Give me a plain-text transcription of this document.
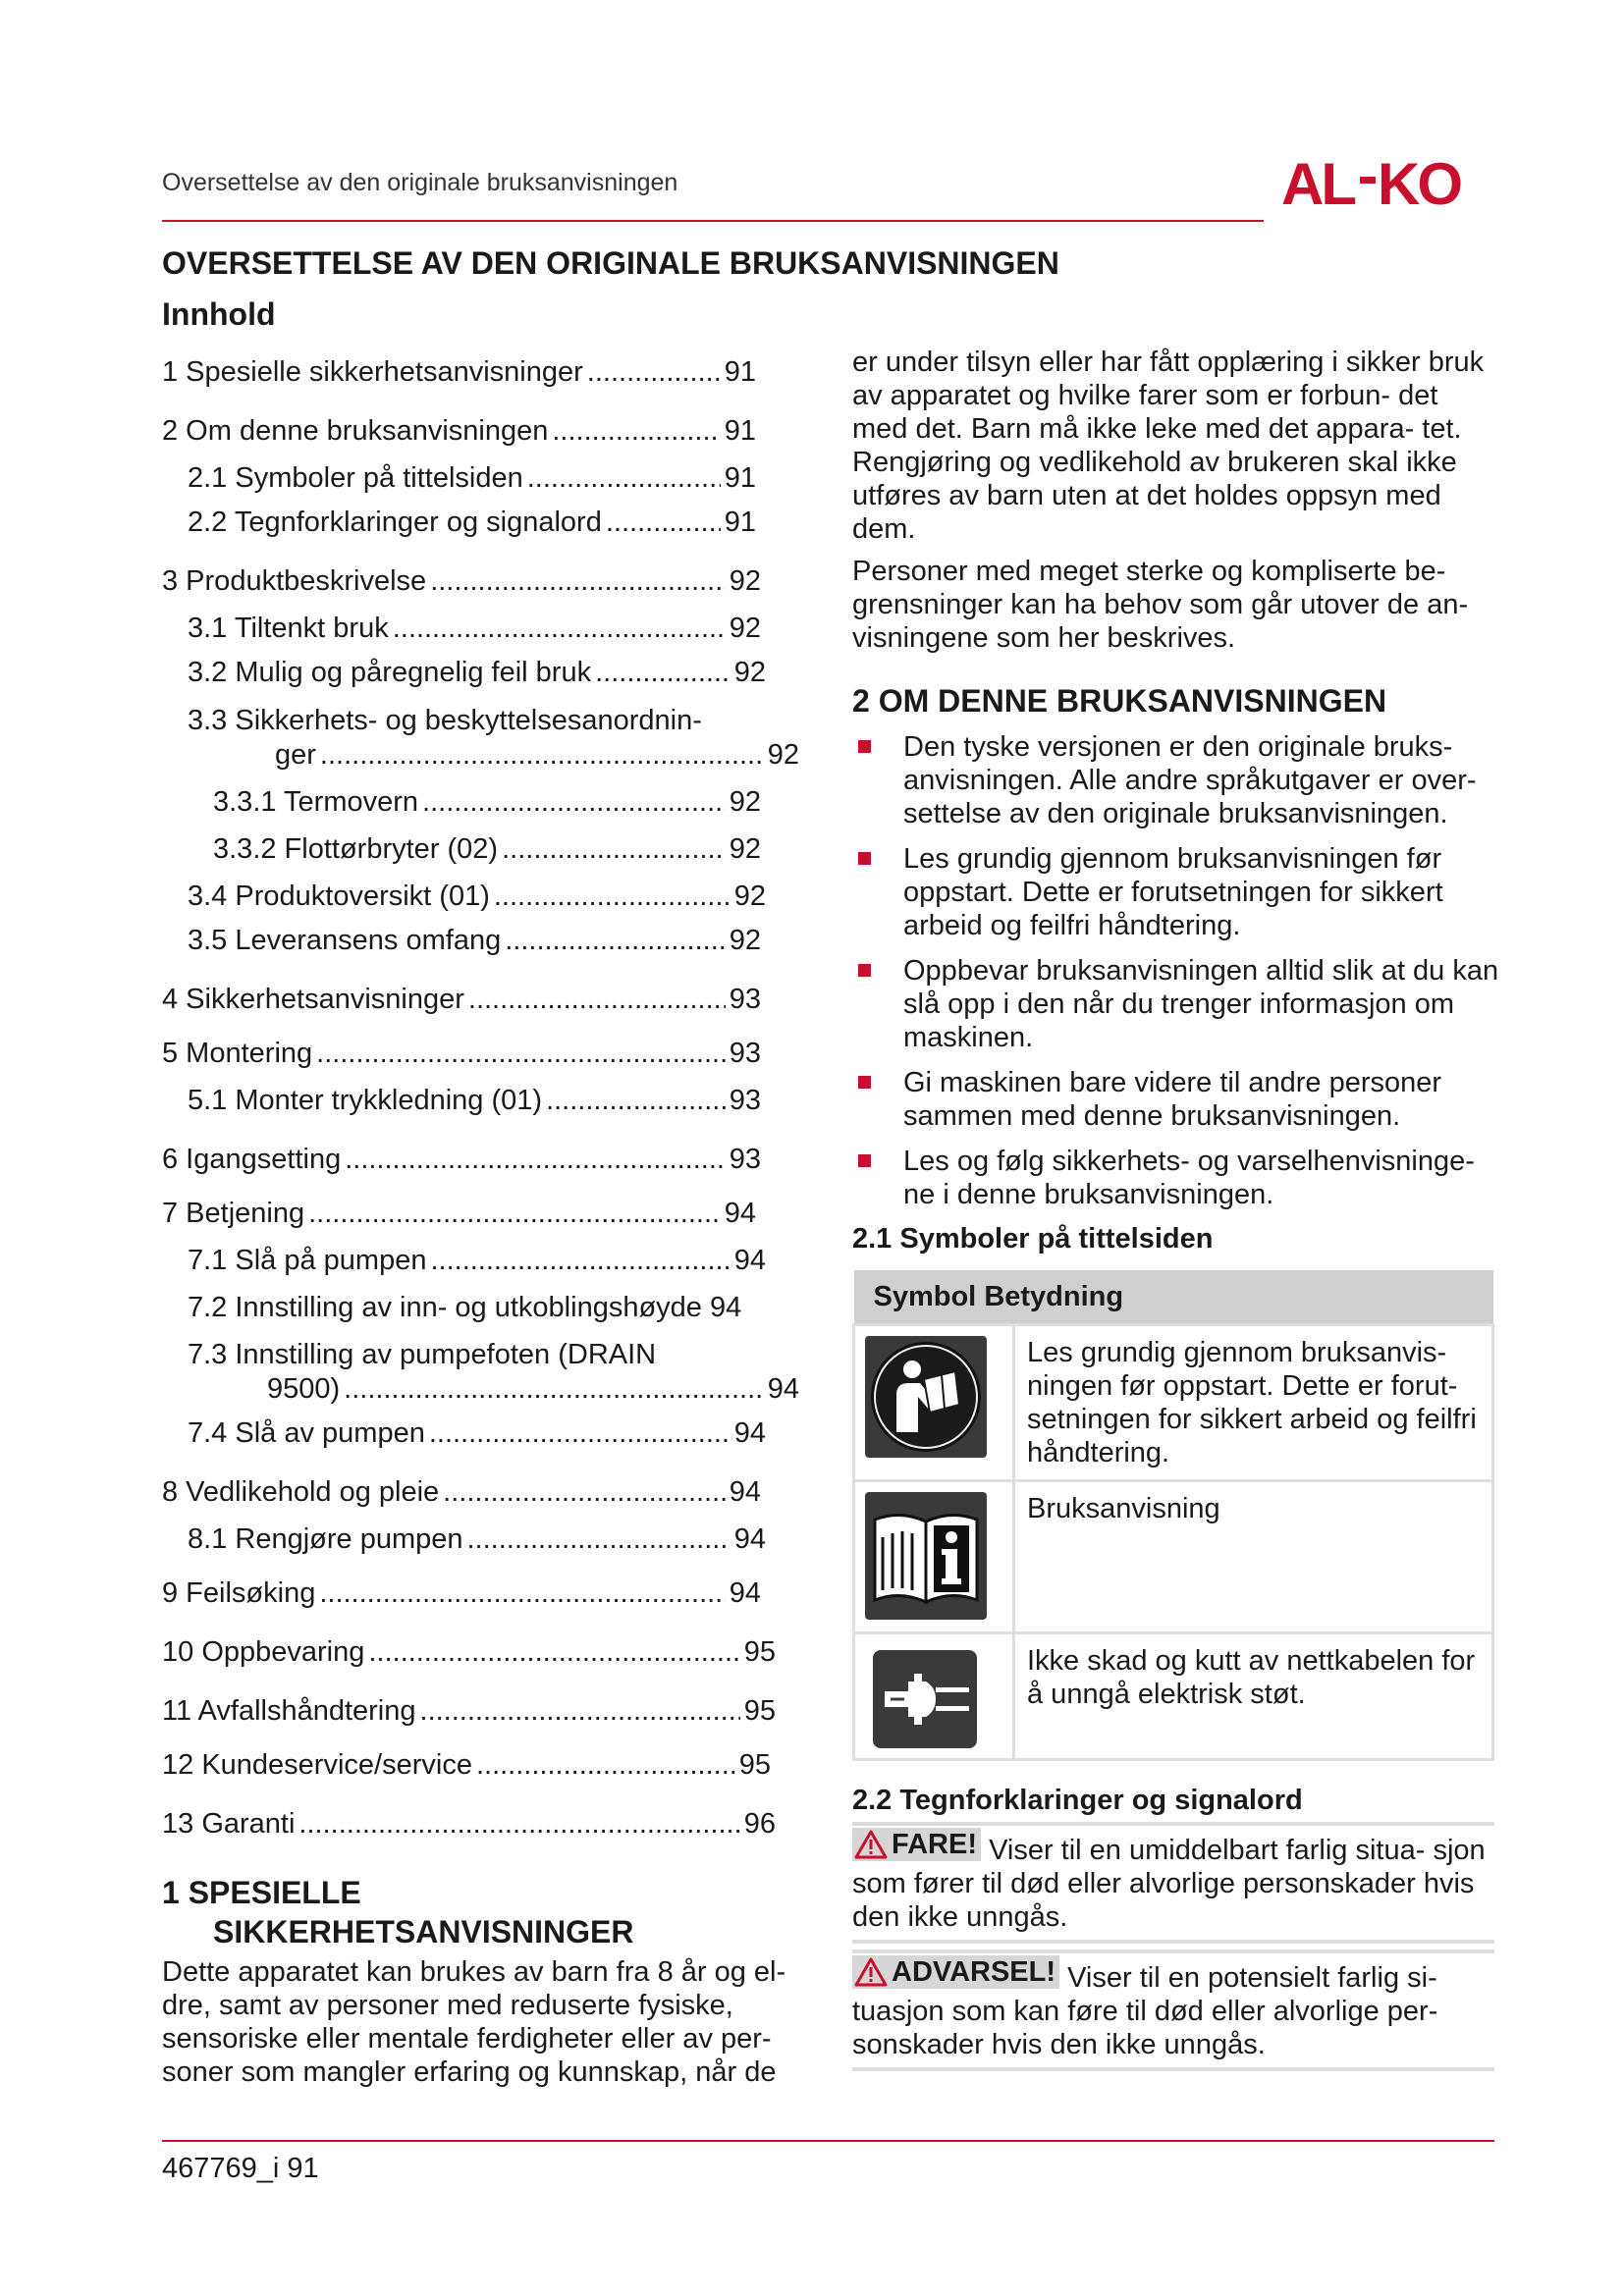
Oversettelse av den originale bruksanvisningen	AL KO
OVERSETTELSE AV DEN ORIGINALE BRUKSANVISNINGEN
Innhold
1 Spesielle sikkerhetsanvisninger .....	91
2 Om denne bruksanvisningen .....	91
2.1 Symboler på tittelsiden .....	91
2.2 Tegnforklaringer og signalord .....	91
3 Produktbeskrivelse .....	92
3.1 Tiltenkt bruk .....	92
3.2 Mulig og påregnelig feil bruk .....	92
3.3 Sikkerhets- og beskyttelsesanordnin-
ger .....	92
3.3.1 Termovern .....	92
3.3.2 Flottørbryter (02) .....	92
3.4 Produktoversikt (01) .....	92
3.5 Leveransens omfang .....	92
4 Sikkerhetsanvisninger .....	93
5 Montering .....	93
5.1 Monter trykkledning (01) .....	93
6 Igangsetting .....	93
7 Betjening .....	94
7.1 Slå på pumpen .....	94
7.2 Innstilling av inn- og utkoblingshøyde 94
7.3 Innstilling av pumpefoten (DRAIN
9500) .....	94
7.4 Slå av pumpen .....	94
8 Vedlikehold og pleie .....	94
8.1 Rengjøre pumpen .....	94
9 Feilsøking .....	94
10 Oppbevaring .....	95
11 Avfallshåndtering .....	95
12 Kundeservice/service .....	95
13 Garanti .....	96
1 SPESIELLE
SIKKERHETSANVISNINGER
Dette apparatet kan brukes av barn fra 8 år og el- dre, samt av personer med reduserte fysiske, sensoriske eller mentale ferdigheter eller av per- soner som mangler erfaring og kunnskap, når de
er under tilsyn eller har fått opplæring i sikker bruk av apparatet og hvilke farer som er forbun- det med det. Barn må ikke leke med det appara- tet. Rengjøring og vedlikehold av brukeren skal ikke utføres av barn uten at det holdes oppsyn med dem.
Personer med meget sterke og kompliserte be- grensninger kan ha behov som går utover de an- visningene som her beskrives.
2 OM DENNE BRUKSANVISNINGEN
Den tyske versjonen er den originale bruks- anvisningen. Alle andre språkutgaver er over- settelse av den originale bruksanvisningen.
Les grundig gjennom bruksanvisningen før oppstart. Dette er forutsetningen for sikkert arbeid og feilfri håndtering.
Oppbevar bruksanvisningen alltid slik at du kan slå opp i den når du trenger informasjon om maskinen.
Gi maskinen bare videre til andre personer sammen med denne bruksanvisningen.
Les og følg sikkerhets- og varselhenvisninge- ne i denne bruksanvisningen.
2.1 Symboler på tittelsiden
Symbol Betydning	
	Les grundig gjennom bruksanvis- ningen før oppstart. Dette er forut- setningen for sikkert arbeid og feilfri håndtering.
	Bruksanvisning
	Ikke skad og kutt av nettkabelen for å unngå elektrisk støt.
2.2 Tegnforklaringer og signalord
FARE! Viser til en umiddelbart farlig situa- sjon som fører til død eller alvorlige personskader hvis den ikke unngås.
ADVARSEL! Viser til en potensielt farlig si- tuasjon som kan føre til død eller alvorlige per- sonskader hvis den ikke unngås.
467769_i 91
